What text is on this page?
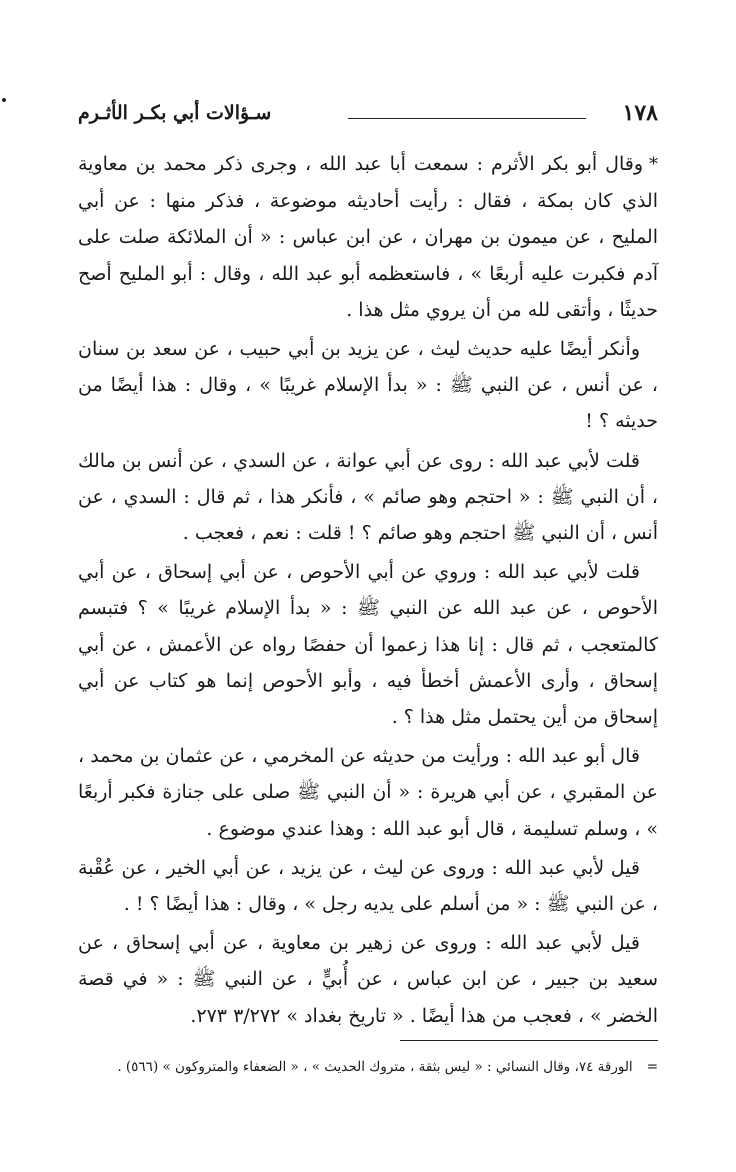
١٧٨
سـؤالات أبي بكـر الأثـرم

*وقال أبو بكر الأثرم : سمعت أبا عبد الله ، وجرى ذكر محمد بن معاوية الذي كان بمكة ، فقال : رأيت أحاديثه موضوعة ، فذكر منها : عن أبي المليح ، عن ميمون بن مهران ، عن ابن عباس : « أن الملائكة صلت على آدم فكبرت عليه أربعًا » ، فاستعظمه أبو عبد الله ، وقال : أبو المليح أصح حديثًا ، وأتقى لله من أن يروي مثل هذا .

وأنكر أيضًا عليه حديث ليث ، عن يزيد بن أبي حبيب ، عن سعد بن سنان ، عن أنس ، عن النبي ﷺ : « بدأ الإسلام غريبًا » ، وقال : هذا أيضًا من حديثه ؟ !

قلت لأبي عبد الله : روى عن أبي عوانة ، عن السدي ، عن أنس بن مالك ، أن النبي ﷺ : « احتجم وهو صائم » ، فأنكر هذا ، ثم قال : السدي ، عن أنس ، أن النبي ﷺ احتجم وهو صائم ؟ ! قلت : نعم ، فعجب .

قلت لأبي عبد الله : وروي عن أبي الأحوص ، عن أبي إسحاق ، عن أبي الأحوص ، عن عبد الله عن النبي ﷺ : « بدأ الإسلام غريبًا » ؟ فتبسم كالمتعجب ، ثم قال : إنا هذا زعموا أن حفصًا رواه عن الأعمش ، عن أبي إسحاق ، وأرى الأعمش أخطأ فيه ، وأبو الأحوص إنما هو كتاب عن أبي إسحاق من أين يحتمل مثل هذا ؟ .

قال أبو عبد الله : ورأيت من حديثه عن المخرمي ، عن عثمان بن محمد ، عن المقبري ، عن أبي هريرة : « أن النبي ﷺ صلى على جنازة فكبر أربعًا » ، وسلم تسليمة ، قال أبو عبد الله : وهذا عندي موضوع .

قيل لأبي عبد الله : وروى عن ليث ، عن يزيد ، عن أبي الخير ، عن عُقْبة ، عن النبي ﷺ : « من أسلم على يديه رجل » ، وقال : هذا أيضًا ؟ ! .

قيل لأبي عبد الله : وروى عن زهير بن معاوية ، عن أبي إسحاق ، عن سعيد بن جبير ، عن ابن عباس ، عن أُبيٍّ ، عن النبي ﷺ : « في قصة الخضر » ، فعجب من هذا أيضًا . « تاريخ بغداد » ٣/٢٧٢ ٢٧٣.

=الورقة ٧٤، وقال النسائي : « ليس بثقة ، متروك الحديث » ، « الضعفاء والمتروكون » (٥٦٦) .
